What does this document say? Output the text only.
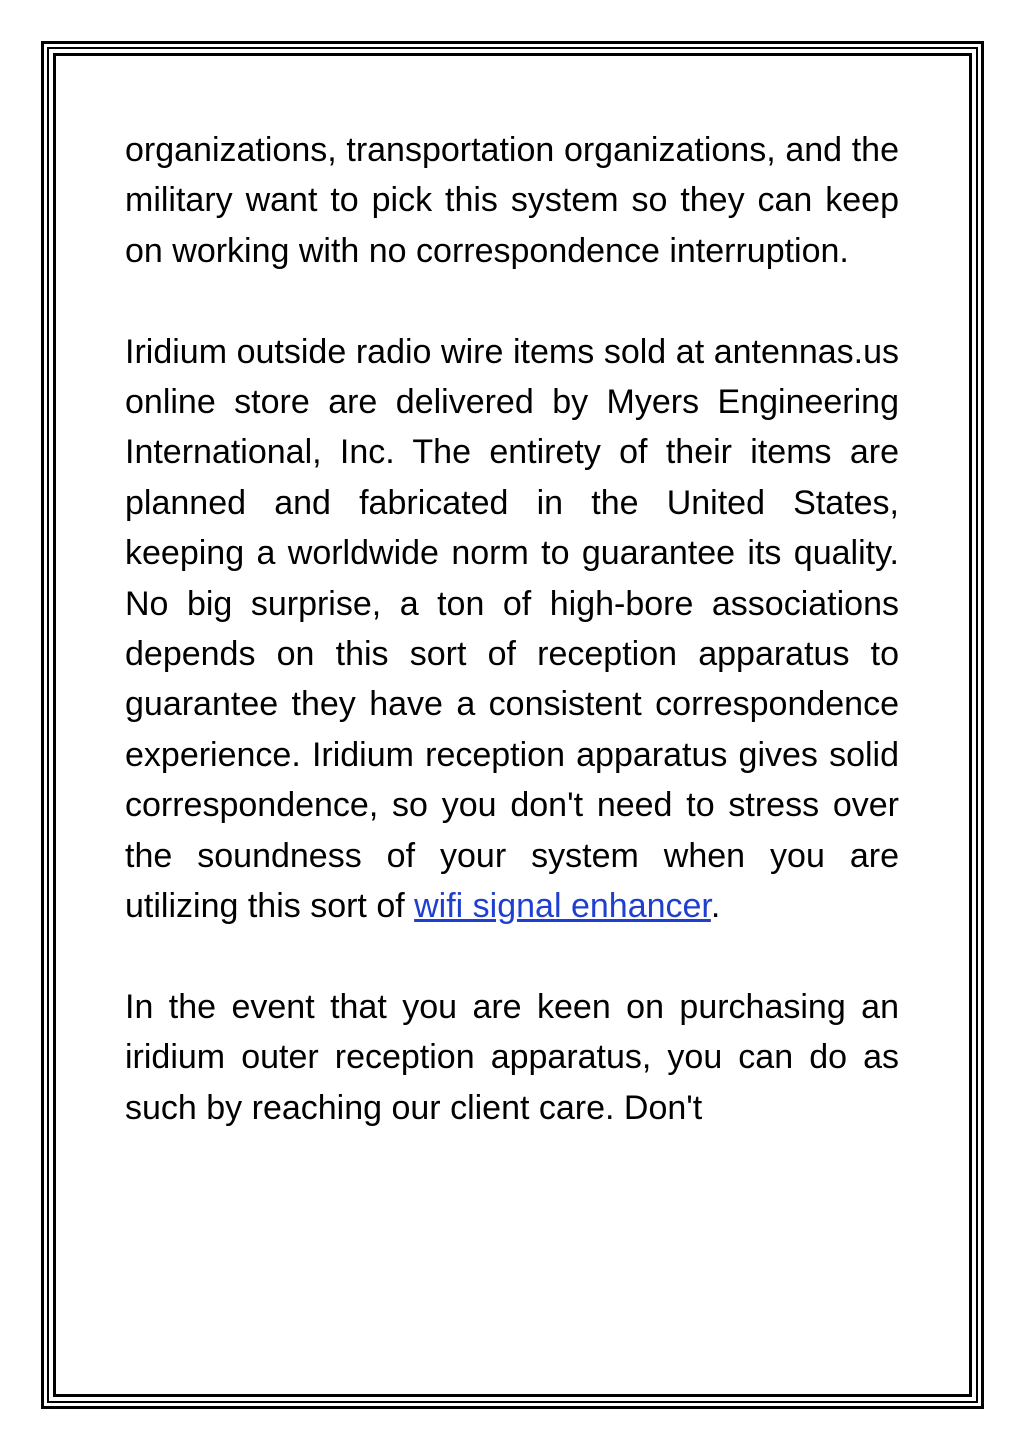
organizations, transportation organizations, and the military want to pick this system so they can keep on working with no correspondence interruption.

Iridium outside radio wire items sold at antennas.us online store are delivered by Myers Engineering International, Inc. The entirety of their items are planned and fabricated in the United States, keeping a worldwide norm to guarantee its quality. No big surprise, a ton of high-bore associations depends on this sort of reception apparatus to guarantee they have a consistent correspondence experience. Iridium reception apparatus gives solid correspondence, so you don't need to stress over the soundness of your system when you are utilizing this sort of wifi signal enhancer.

In the event that you are keen on purchasing an iridium outer reception apparatus, you can do as such by reaching our client care. Don't
